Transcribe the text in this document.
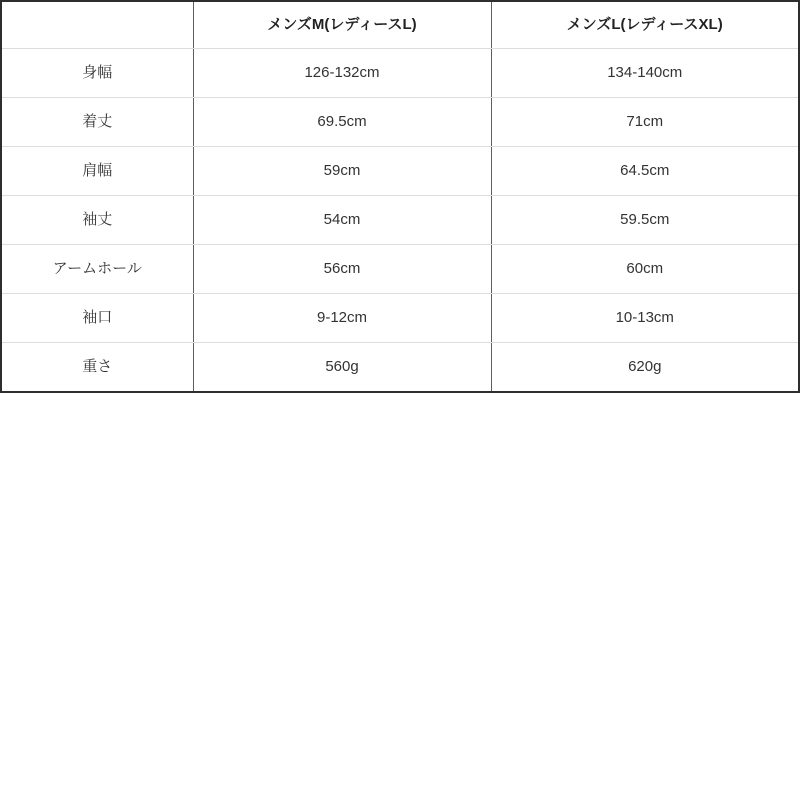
	メンズM(レディースL)	メンズL(レディースXL)
身幅	126-132cm	134-140cm
着丈	69.5cm	71cm
肩幅	59cm	64.5cm
袖丈	54cm	59.5cm
アームホール	56cm	60cm
袖口	9-12cm	10-13cm
重さ	560g	620g
